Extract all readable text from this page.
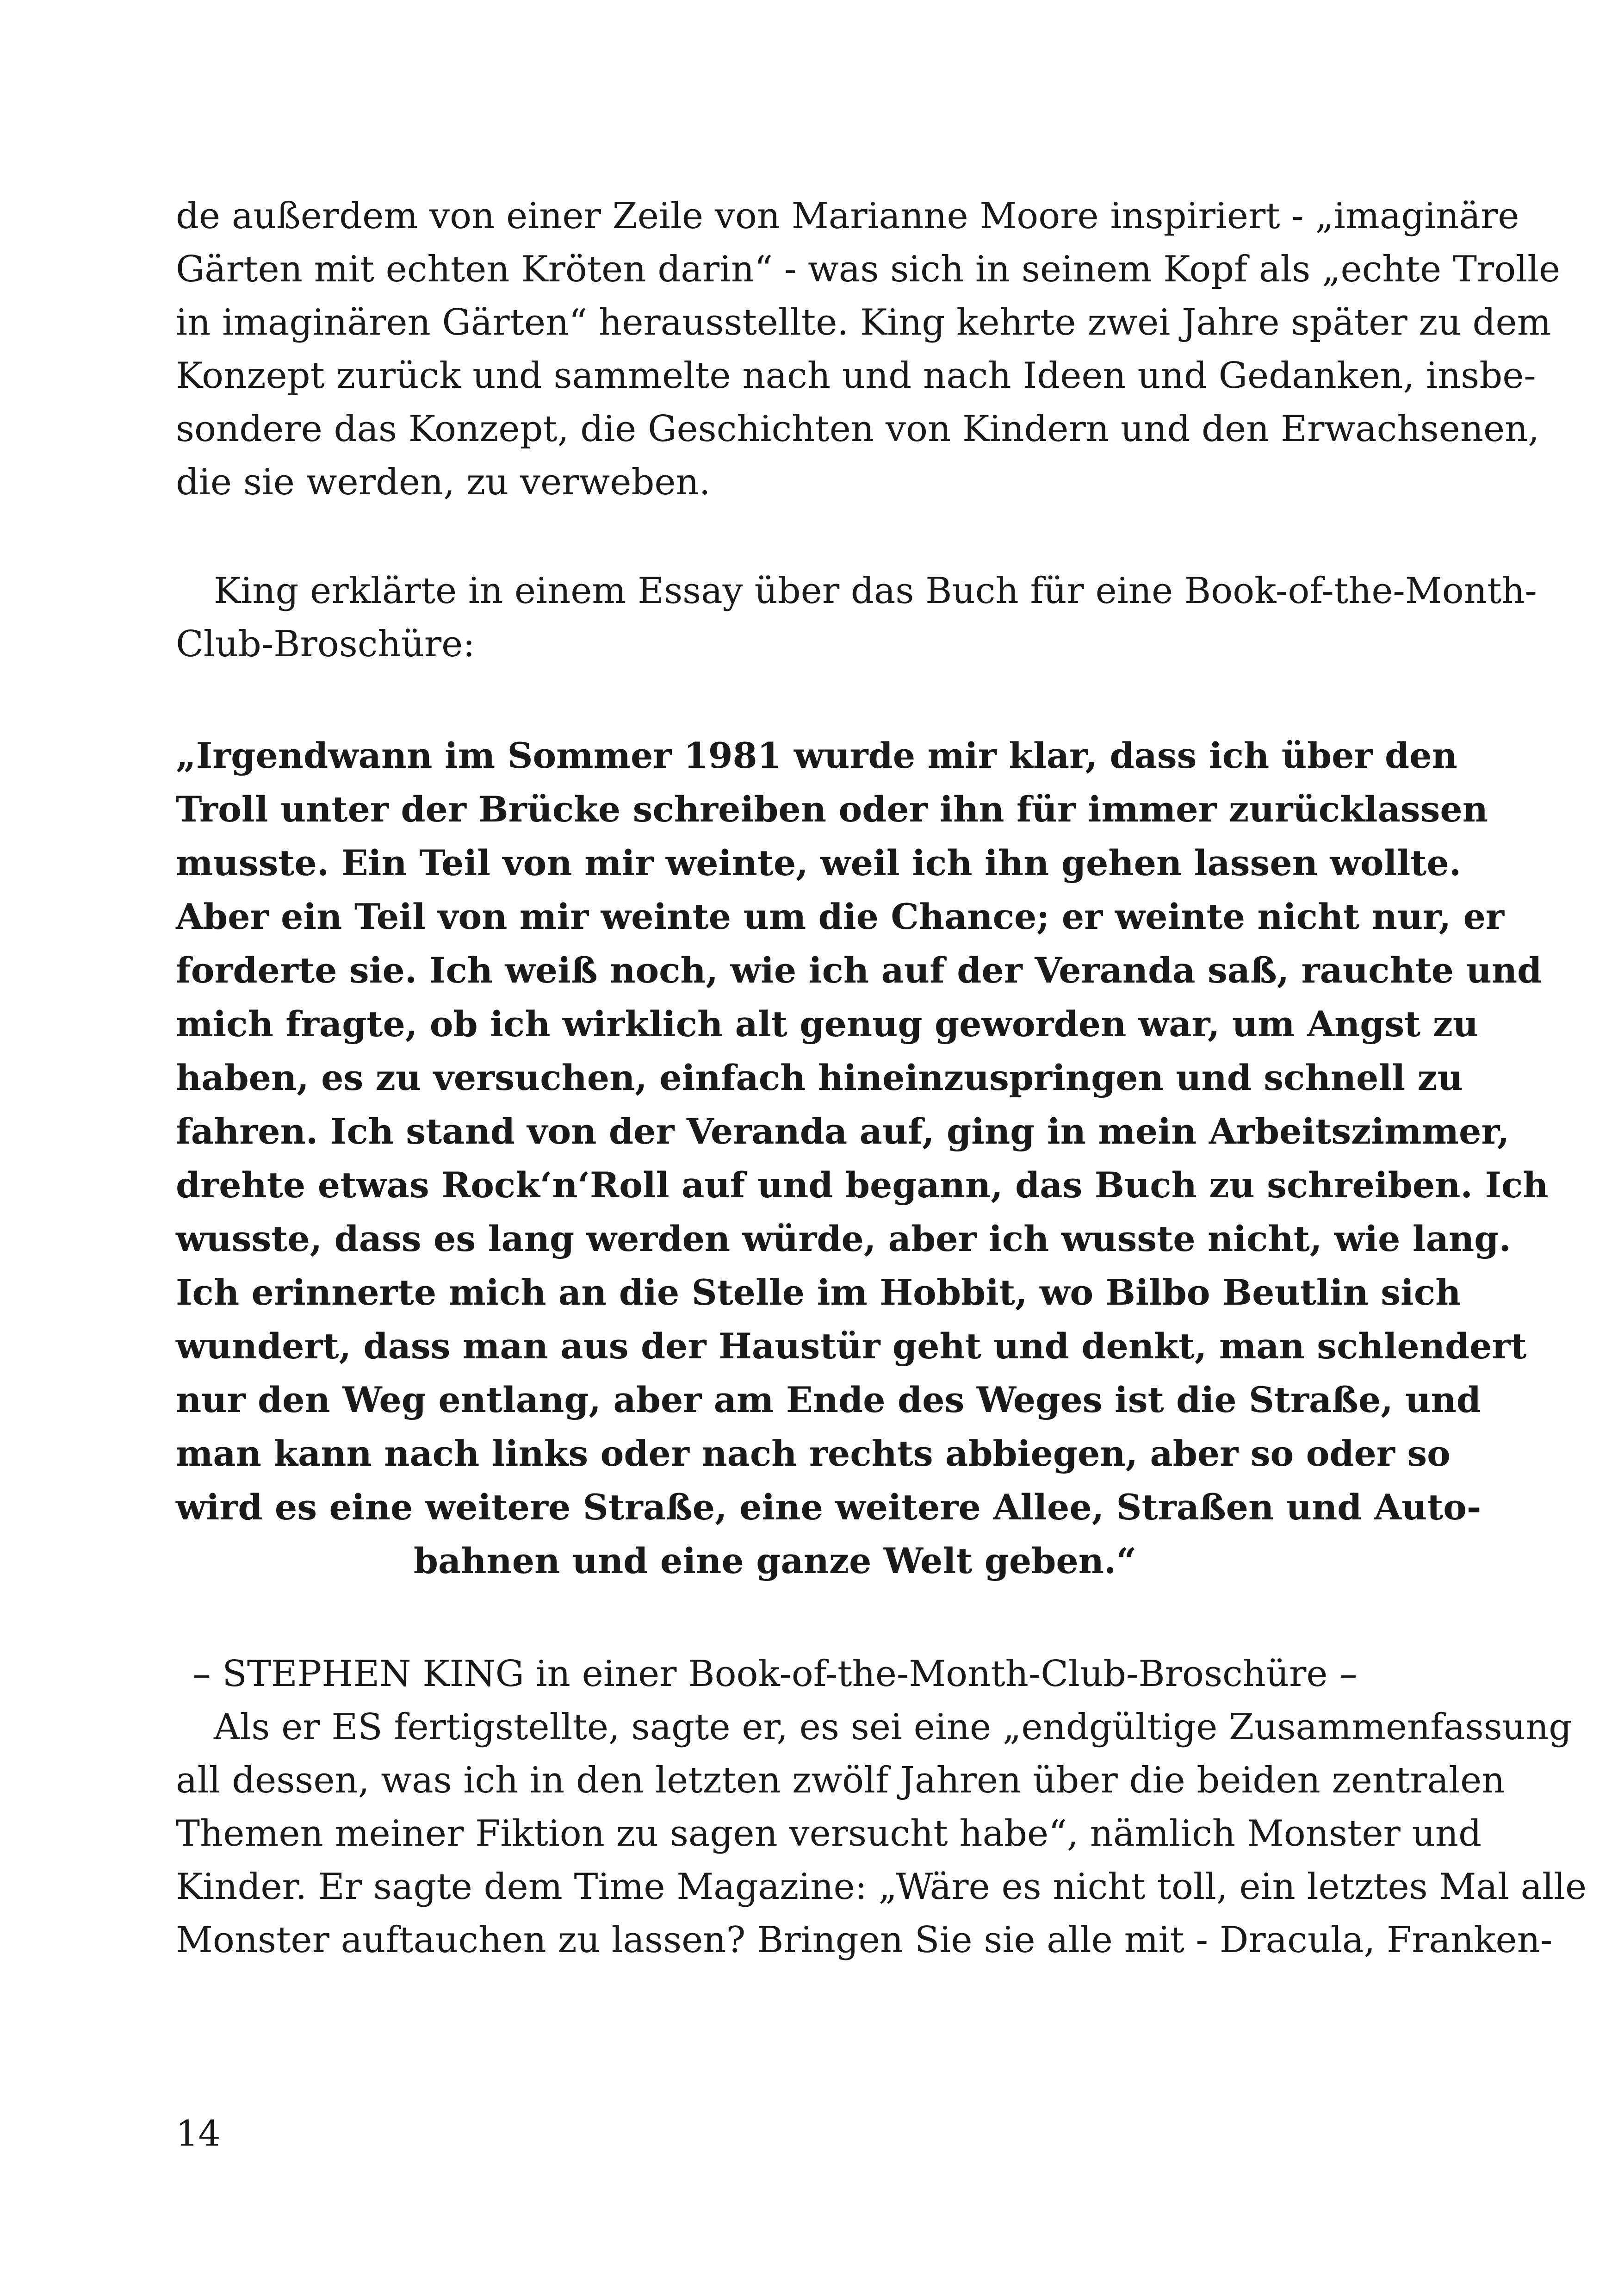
de außerdem von einer Zeile von Marianne Moore inspiriert - „imaginäre

Gärten mit echten Kröten darin“ - was sich in seinem Kopf als „echte Trolle

in imaginären Gärten“ herausstellte. King kehrte zwei Jahre später zu dem

Konzept zurück und sammelte nach und nach Ideen und Gedanken, insbe-

sondere das Konzept, die Geschichten von Kindern und den Erwachsenen,

die sie werden, zu verweben.

King erklärte in einem Essay über das Buch für eine Book-of-the-Month-

Club-Broschüre:

„Irgendwann im Sommer 1981 wurde mir klar, dass ich über den

Troll unter der Brücke schreiben oder ihn für immer zurücklassen

musste. Ein Teil von mir weinte, weil ich ihn gehen lassen wollte.

Aber ein Teil von mir weinte um die Chance; er weinte nicht nur, er

forderte sie. Ich weiß noch, wie ich auf der Veranda saß, rauchte und

mich fragte, ob ich wirklich alt genug geworden war, um Angst zu

haben, es zu versuchen, einfach hineinzuspringen und schnell zu

fahren. Ich stand von der Veranda auf, ging in mein Arbeitszimmer,

drehte etwas Rock‘n‘Roll auf und begann, das Buch zu schreiben. Ich

wusste, dass es lang werden würde, aber ich wusste nicht, wie lang.

Ich erinnerte mich an die Stelle im Hobbit, wo Bilbo Beutlin sich

wundert, dass man aus der Haustür geht und denkt, man schlendert

nur den Weg entlang, aber am Ende des Weges ist die Straße, und

man kann nach links oder nach rechts abbiegen, aber so oder so

wird es eine weitere Straße, eine weitere Allee, Straßen und Auto-

bahnen und eine ganze Welt geben.“

– STEPHEN KING in einer Book-of-the-Month-Club-Broschüre –

Als er ES fertigstellte, sagte er, es sei eine „endgültige Zusammenfassung

all dessen, was ich in den letzten zwölf Jahren über die beiden zentralen

Themen meiner Fiktion zu sagen versucht habe“, nämlich Monster und

Kinder. Er sagte dem Time Magazine: „Wäre es nicht toll, ein letztes Mal alle

Monster auftauchen zu lassen? Bringen Sie sie alle mit - Dracula, Franken-

14
